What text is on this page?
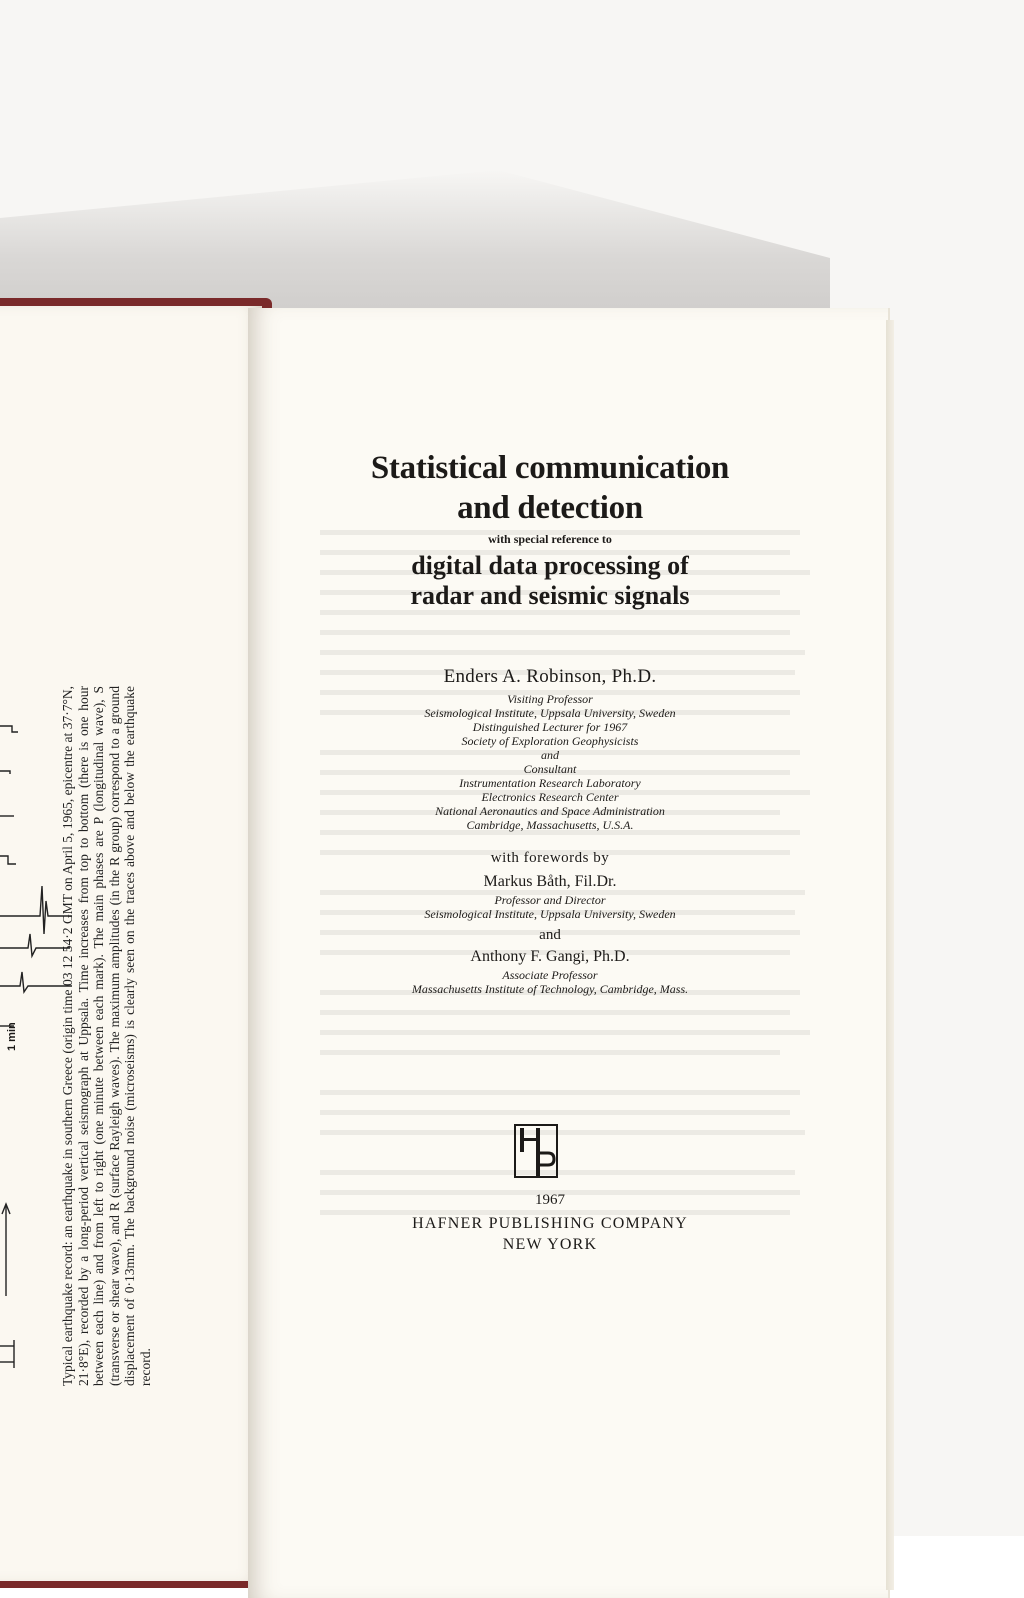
1 min	Typical earthquake record: an earthquake in southern Greece (origin time 03 12 54·2 GMT on April 5, 1965, epicentre at 37·7°N, 21·8°E), recorded by a long-period vertical seismograph at Uppsala. Time increases from top to bottom (there is one hour between each line) and from left to right (one minute between each mark). The main phases are P (longitudinal wave), S (transverse or shear wave), and R (surface Rayleigh waves). The maximum amplitudes (in the R group) correspond to a ground displacement of 0·13mm. The background noise (microseisms) is clearly seen on the traces above and below the earthquake record.

Statistical communication

and detection

with special reference to

digital data processing of

radar and seismic signals

Enders A. Robinson, Ph.D.

Visiting Professor

Seismological Institute, Uppsala University, Sweden

Distinguished Lecturer for 1967

Society of Exploration Geophysicists

and

Consultant

Instrumentation Research Laboratory

Electronics Research Center

National Aeronautics and Space Administration

Cambridge, Massachusetts, U.S.A.

with forewords by

Markus Båth, Fil.Dr.

Professor and Director

Seismological Institute, Uppsala University, Sweden

and

Anthony F. Gangi, Ph.D.

Associate Professor

Massachusetts Institute of Technology, Cambridge, Mass.

1967

HAFNER PUBLISHING COMPANY

NEW YORK
